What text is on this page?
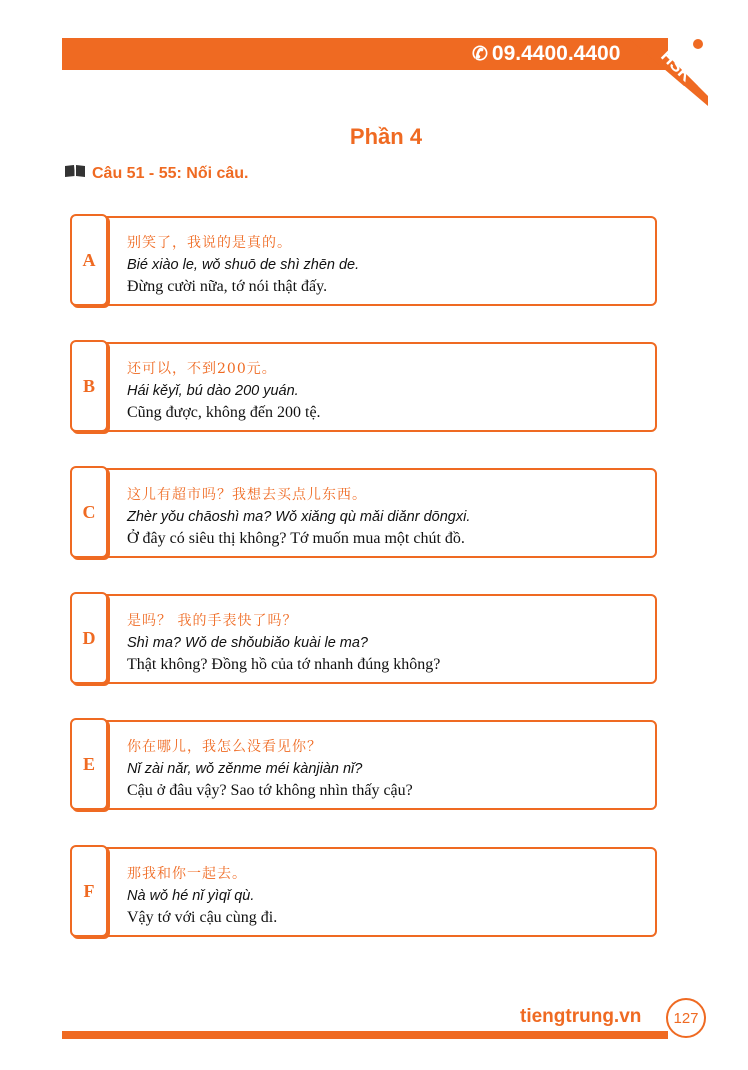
✆ 09.4400.4400 HSK
Phần 4
Câu 51 - 55: Nối câu.
A
别笑了，我说的是真的。
Bié xiào le, wǒ shuō de shì zhēn de.
Đừng cười nữa, tớ nói thật đấy.
B
还可以，不到200元。
Hái kěyǐ, bú dào 200 yuán.
Cũng được, không đến 200 tệ.
C
这儿有超市吗？我想去买点儿东西。
Zhèr yǒu chāoshì ma? Wǒ xiǎng qù mǎi diǎnr dōngxi.
Ở đây có siêu thị không? Tớ muốn mua một chút đồ.
D
是吗？ 我的手表快了吗？
Shì ma? Wǒ de shǒubiǎo kuài le ma?
Thật không? Đồng hồ của tớ nhanh đúng không?
E
你在哪儿，我怎么没看见你？
Nǐ zài nǎr, wǒ zěnme méi kànjiàn nǐ?
Cậu ở đâu vậy? Sao tớ không nhìn thấy cậu?
F
那我和你一起去。
Nà wǒ hé nǐ yìqǐ qù.
Vậy tớ với cậu cùng đi.
tiengtrung.vn	127
